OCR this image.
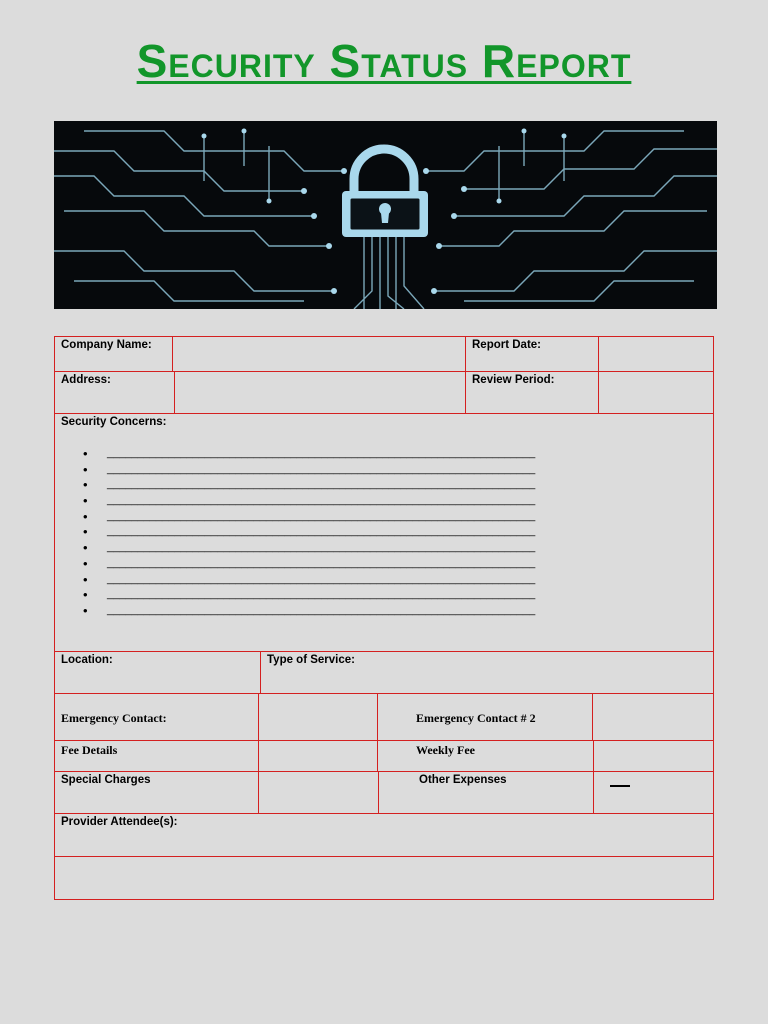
Security Status Report
Company Name:	Report Date:
Address:	Review Period:
Security Concerns:
• ______________________________________________________________________
• ______________________________________________________________________
• ______________________________________________________________________
• ______________________________________________________________________
• ______________________________________________________________________
• ______________________________________________________________________
• ______________________________________________________________________
• ______________________________________________________________________
• ______________________________________________________________________
• ______________________________________________________________________
• ______________________________________________________________________
Location:	Type of Service:
Emergency Contact:	Emergency Contact # 2
Fee Details	Weekly Fee
Special Charges	Other Expenses
Provider Attendee(s):
